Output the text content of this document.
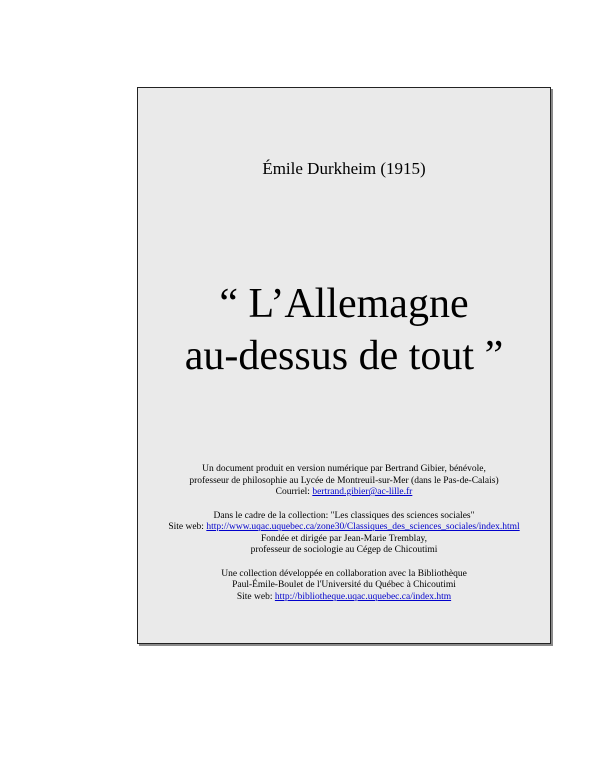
Émile Durkheim (1915)
“ L’Allemagne
au-dessus de tout ”
Un document produit en version numérique par Bertrand Gibier, bénévole,
professeur de philosophie au Lycée de Montreuil-sur-Mer (dans le Pas-de-Calais)
Courriel: bertrand.gibier@ac-lille.fr
Dans le cadre de la collection: "Les classiques des sciences sociales"
Site web: http://www.uqac.uquebec.ca/zone30/Classiques_des_sciences_sociales/index.html
Fondée et dirigée par Jean-Marie Tremblay,
professeur de sociologie au Cégep de Chicoutimi
Une collection développée en collaboration avec la Bibliothèque
Paul-Émile-Boulet de l'Université du Québec à Chicoutimi
Site web: http://bibliotheque.uqac.uquebec.ca/index.htm
